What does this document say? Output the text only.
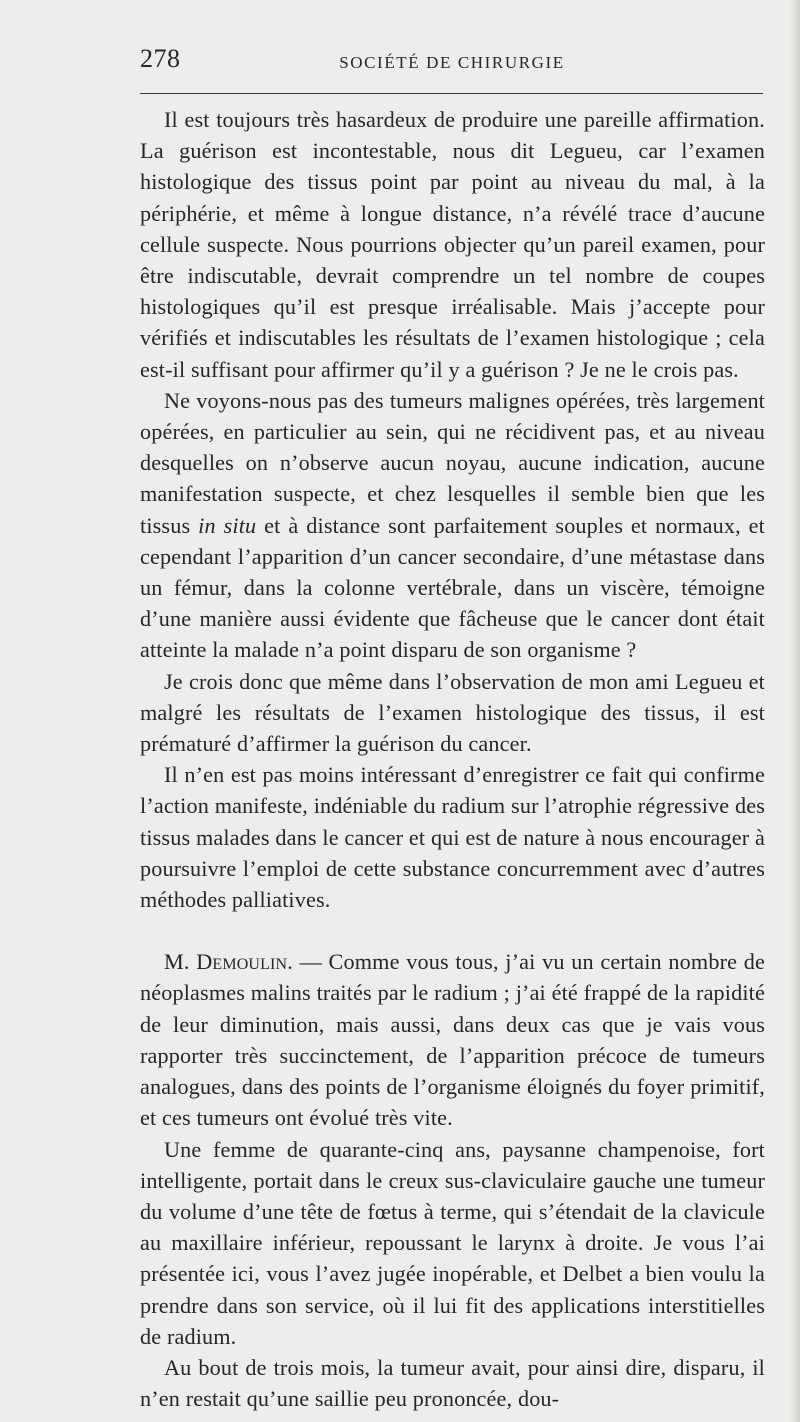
278	SOCIÉTÉ DE CHIRURGIE

Il est toujours très hasardeux de produire une pareille affirmation. La guérison est incontestable, nous dit Legueu, car l’examen histologique des tissus point par point au niveau du mal, à la périphérie, et même à longue distance, n’a révélé trace d’aucune cellule suspecte. Nous pourrions objecter qu’un pareil examen, pour être indiscutable, devrait comprendre un tel nombre de coupes histologiques qu’il est presque irréalisable. Mais j’accepte pour vérifiés et indiscutables les résultats de l’examen histologique ; cela est-il suffisant pour affirmer qu’il y a guérison ? Je ne le crois pas.

Ne voyons-nous pas des tumeurs malignes opérées, très largement opérées, en particulier au sein, qui ne récidivent pas, et au niveau desquelles on n’observe aucun noyau, aucune indication, aucune manifestation suspecte, et chez lesquelles il semble bien que les tissus in situ et à distance sont parfaitement souples et normaux, et cependant l’apparition d’un cancer secondaire, d’une métastase dans un fémur, dans la colonne vertébrale, dans un viscère, témoigne d’une manière aussi évidente que fâcheuse que le cancer dont était atteinte la malade n’a point disparu de son organisme ?

Je crois donc que même dans l’observation de mon ami Legueu et malgré les résultats de l’examen histologique des tissus, il est prématuré d’affirmer la guérison du cancer.

Il n’en est pas moins intéressant d’enregistrer ce fait qui confirme l’action manifeste, indéniable du radium sur l’atrophie régressive des tissus malades dans le cancer et qui est de nature à nous encourager à poursuivre l’emploi de cette substance concurremment avec d’autres méthodes palliatives.

M. Demoulin. — Comme vous tous, j’ai vu un certain nombre de néoplasmes malins traités par le radium ; j’ai été frappé de la rapidité de leur diminution, mais aussi, dans deux cas que je vais vous rapporter très succinctement, de l’apparition précoce de tumeurs analogues, dans des points de l’organisme éloignés du foyer primitif, et ces tumeurs ont évolué très vite.

Une femme de quarante-cinq ans, paysanne champenoise, fort intelligente, portait dans le creux sus-claviculaire gauche une tumeur du volume d’une tête de fœtus à terme, qui s’étendait de la clavicule au maxillaire inférieur, repoussant le larynx à droite. Je vous l’ai présentée ici, vous l’avez jugée inopérable, et Delbet a bien voulu la prendre dans son service, où il lui fit des applications interstitielles de radium.

Au bout de trois mois, la tumeur avait, pour ainsi dire, disparu, il n’en restait qu’une saillie peu prononcée, dou-
